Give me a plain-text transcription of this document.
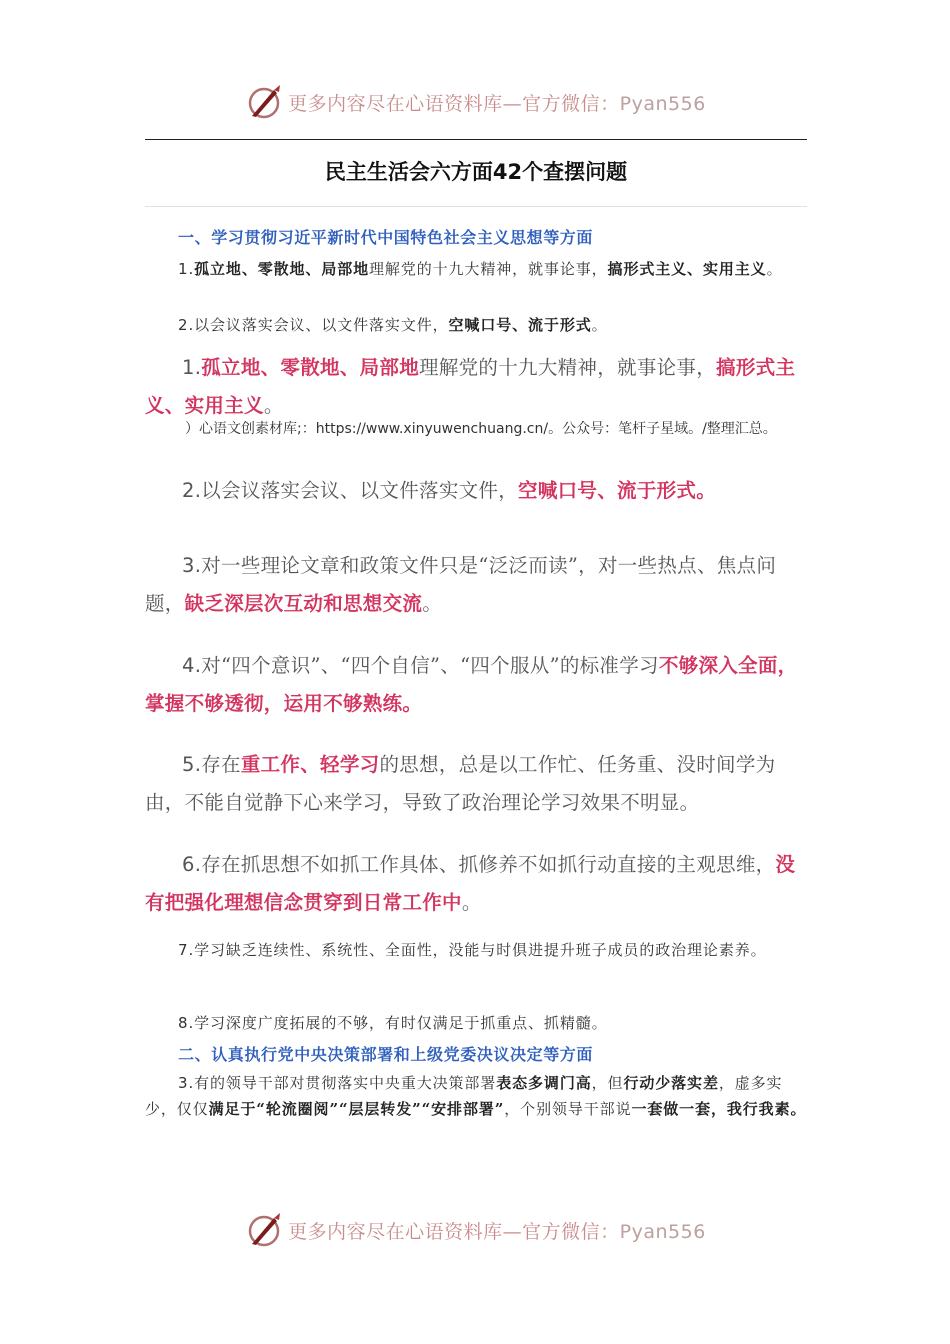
更多内容尽在心语资料库—官方微信：Pyan556
民主生活会六方面42个查摆问题
一、学习贯彻习近平新时代中国特色社会主义思想等方面
1.孤立地、零散地、局部地理解党的十九大精神，就事论事，搞形式主义、实用主义。
2.以会议落实会议、以文件落实文件，空喊口号、流于形式。
1.孤立地、零散地、局部地理解党的十九大精神，就事论事，搞形式主义、实用主义。
）心语文创素材库;：https://www.xinyuwenchuang.cn/。公众号：笔杆子星域。/整理汇总。
2.以会议落实会议、以文件落实文件，空喊口号、流于形式。
3.对一些理论文章和政策文件只是“泛泛而读”，对一些热点、焦点问题，缺乏深层次互动和思想交流。
4.对“四个意识”、“四个自信”、“四个服从”的标准学习不够深入全面，掌握不够透彻，运用不够熟练。
5.存在重工作、轻学习的思想，总是以工作忙、任务重、没时间学为由，不能自觉静下心来学习，导致了政治理论学习效果不明显。
6.存在抓思想不如抓工作具体、抓修养不如抓行动直接的主观思维，没有把强化理想信念贯穿到日常工作中。
7.学习缺乏连续性、系统性、全面性，没能与时俱进提升班子成员的政治理论素养。
8.学习深度广度拓展的不够，有时仅满足于抓重点、抓精髓。
二、认真执行党中央决策部署和上级党委决议决定等方面
3.有的领导干部对贯彻落实中央重大决策部署表态多调门高，但行动少落实差，虚多实少，仅仅满足于“轮流圈阅”“层层转发”“安排部署”，个别领导干部说一套做一套，我行我素。
更多内容尽在心语资料库—官方微信：Pyan556
